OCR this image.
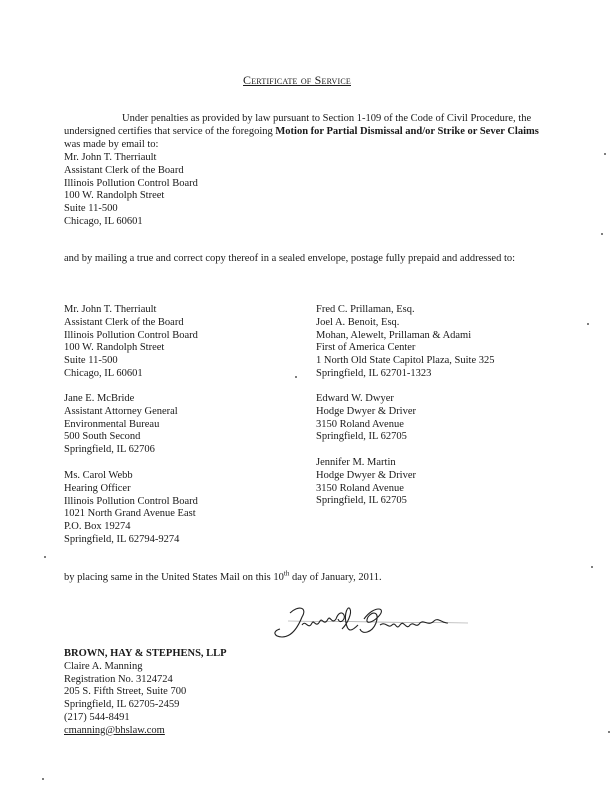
Certificate of Service
Under penalties as provided by law pursuant to Section 1-109 of the Code of Civil Procedure, the undersigned certifies that service of the foregoing Motion for Partial Dismissal and/or Strike or Sever Claims was made by email to:
Mr. John T. Therriault
Assistant Clerk of the Board
Illinois Pollution Control Board
100 W. Randolph Street
Suite 11-500
Chicago, IL 60601
and by mailing a true and correct copy thereof in a sealed envelope, postage fully prepaid and addressed to:
Mr. John T. Therriault
Assistant Clerk of the Board
Illinois Pollution Control Board
100 W. Randolph Street
Suite 11-500
Chicago, IL 60601
Jane E. McBride
Assistant Attorney General
Environmental Bureau
500 South Second
Springfield, IL 62706
Ms. Carol Webb
Hearing Officer
Illinois Pollution Control Board
1021 North Grand Avenue East
P.O. Box 19274
Springfield, IL 62794-9274
Fred C. Prillaman, Esq.
Joel A. Benoit, Esq.
Mohan, Alewelt, Prillaman & Adami
First of America Center
1 North Old State Capitol Plaza, Suite 325
Springfield, IL 62701-1323
Edward W. Dwyer
Hodge Dwyer & Driver
3150 Roland Avenue
Springfield, IL 62705
Jennifer M. Martin
Hodge Dwyer & Driver
3150 Roland Avenue
Springfield, IL 62705
by placing same in the United States Mail on this 10th day of January, 2011.
BROWN, HAY & STEPHENS, LLP
Claire A. Manning
Registration No. 3124724
205 S. Fifth Street, Suite 700
Springfield, IL 62705-2459
(217) 544-8491
cmanning@bhslaw.com
